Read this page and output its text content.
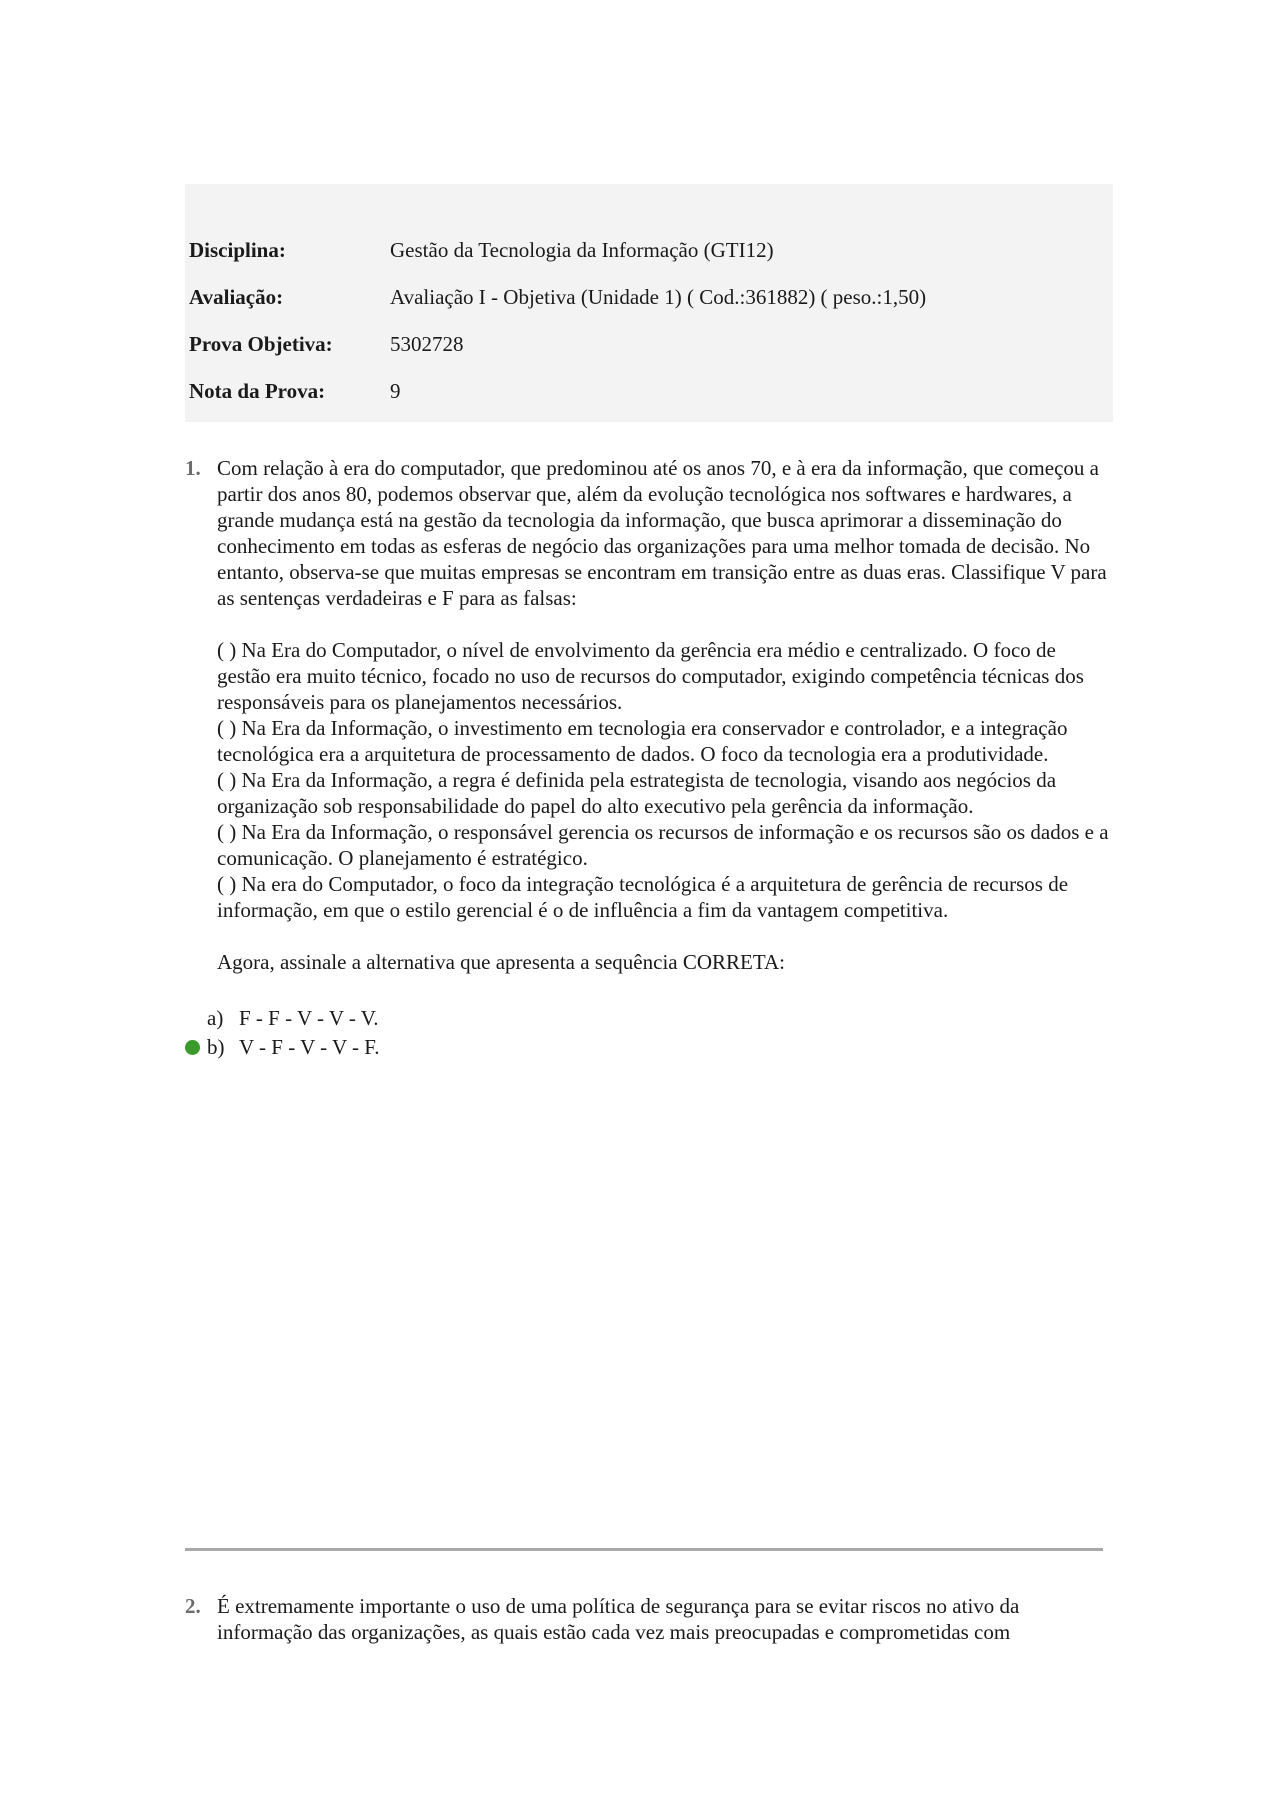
Disciplina:	Gestão da Tecnologia da Informação (GTI12)
Avaliação:	Avaliação I - Objetiva (Unidade 1) ( Cod.:361882) ( peso.:1,50)
Prova Objetiva:	5302728
Nota da Prova:	9
1. Com relação à era do computador, que predominou até os anos 70, e à era da informação, que começou a partir dos anos 80, podemos observar que, além da evolução tecnológica nos softwares e hardwares, a grande mudança está na gestão da tecnologia da informação, que busca aprimorar a disseminação do conhecimento em todas as esferas de negócio das organizações para uma melhor tomada de decisão. No entanto, observa-se que muitas empresas se encontram em transição entre as duas eras. Classifique V para as sentenças verdadeiras e F para as falsas:

( ) Na Era do Computador, o nível de envolvimento da gerência era médio e centralizado. O foco de gestão era muito técnico, focado no uso de recursos do computador, exigindo competência técnicas dos responsáveis para os planejamentos necessários.
( ) Na Era da Informação, o investimento em tecnologia era conservador e controlador, e a integração tecnológica era a arquitetura de processamento de dados. O foco da tecnologia era a produtividade.
( ) Na Era da Informação, a regra é definida pela estrategista de tecnologia, visando aos negócios da organização sob responsabilidade do papel do alto executivo pela gerência da informação.
( ) Na Era da Informação, o responsável gerencia os recursos de informação e os recursos são os dados e a comunicação. O planejamento é estratégico.
( ) Na era do Computador, o foco da integração tecnológica é a arquitetura de gerência de recursos de informação, em que o estilo gerencial é o de influência a fim da vantagem competitiva.

Agora, assinale a alternativa que apresenta a sequência CORRETA:

a) F - F - V - V - V.
b) V - F - V - V - F.
2. É extremamente importante o uso de uma política de segurança para se evitar riscos no ativo da informação das organizações, as quais estão cada vez mais preocupadas e comprometidas com
